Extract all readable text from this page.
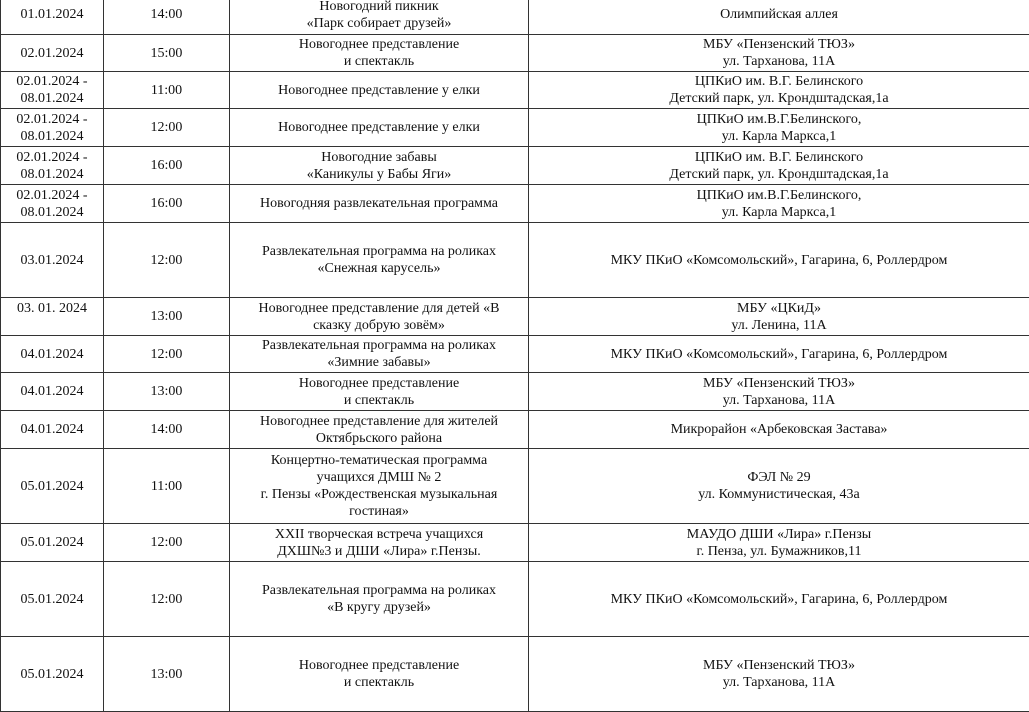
01.01.2024	14:00	Новогодний пикник
«Парк собирает друзей»	Олимпийская аллея

02.01.2024	15:00	Новогоднее представление
и спектакль	МБУ «Пензенский ТЮЗ»
ул. Тарханова, 11А

02.01.2024 -
08.01.2024	11:00	Новогоднее представление у елки	ЦПКиО им. В.Г. Белинского
Детский парк, ул. Крондштадская,1а

02.01.2024 -
08.01.2024	12:00	Новогоднее представление у елки	ЦПКиО им.В.Г.Белинского,
ул. Карла Маркса,1

02.01.2024 -
08.01.2024	16:00	Новогодние забавы
«Каникулы у Бабы Яги»	ЦПКиО им. В.Г. Белинского
Детский парк, ул. Крондштадская,1а

02.01.2024 -
08.01.2024	16:00	Новогодняя развлекательная программа	ЦПКиО им.В.Г.Белинского,
ул. Карла Маркса,1

03.01.2024	12:00	Развлекательная программа на роликах
«Снежная карусель»	МКУ ПКиО «Комсомольский», Гагарина, 6, Роллердром

03. 01. 2024	13:00	Новогоднее представление для детей «В
сказку добрую зовём»	МБУ «ЦКиД»
ул. Ленина, 11А

04.01.2024	12:00	Развлекательная программа на роликах
«Зимние забавы»	МКУ ПКиО «Комсомольский», Гагарина, 6, Роллердром

04.01.2024	13:00	Новогоднее представление
и спектакль	МБУ «Пензенский ТЮЗ»
ул. Тарханова, 11А

04.01.2024	14:00	Новогоднее представление для жителей
Октябрьского района	Микрорайон «Арбековская Застава»

05.01.2024	11:00	Концертно-тематическая программа
учащихся ДМШ № 2
г. Пензы «Рождественская музыкальная
гостиная»	ФЭЛ № 29
ул. Коммунистическая, 43а

05.01.2024	12:00	XXII творческая встреча учащихся
ДХШ№3 и ДШИ «Лира» г.Пензы.	МАУДО ДШИ «Лира» г.Пензы
г. Пенза, ул. Бумажников,11

05.01.2024	12:00	Развлекательная программа на роликах
«В кругу друзей»	МКУ ПКиО «Комсомольский», Гагарина, 6, Роллердром

05.01.2024	13:00	Новогоднее представление
и спектакль	МБУ «Пензенский ТЮЗ»
ул. Тарханова, 11А
